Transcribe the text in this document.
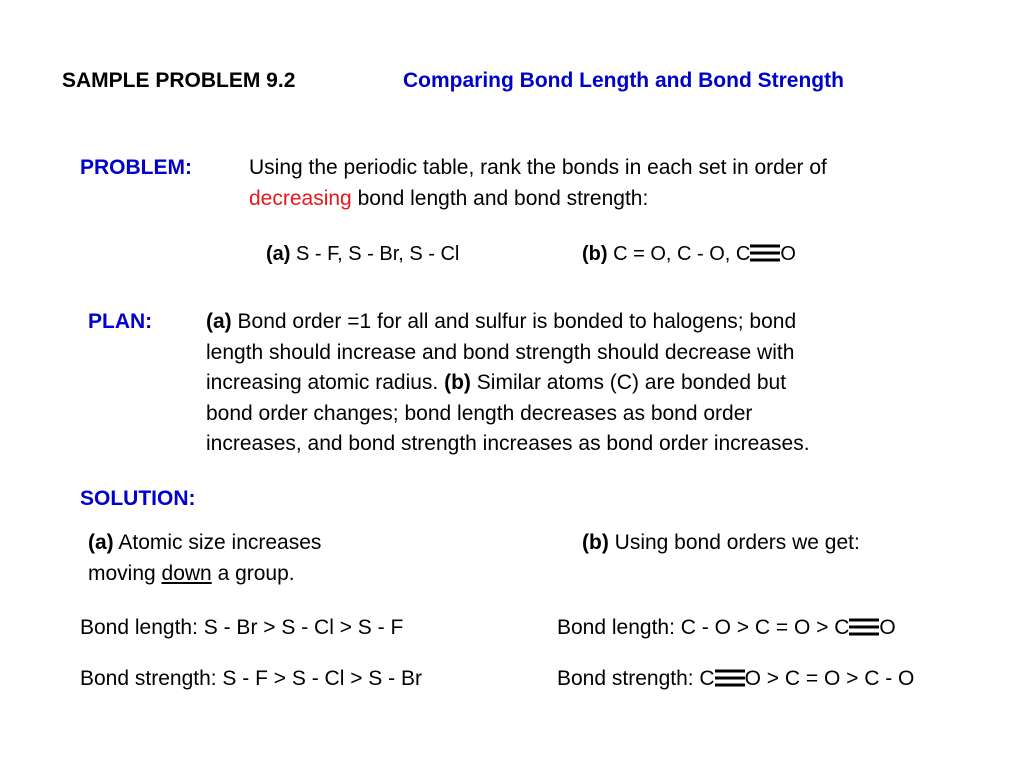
SAMPLE PROBLEM 9.2	Comparing Bond Length and Bond Strength
PROBLEM:	Using the periodic table, rank the bonds in each set in order of
decreasing bond length and bond strength:
(a) S - F, S - Br, S - Cl	(b) C = O, C - O, C O
PLAN:	(a) Bond order =1 for all and sulfur is bonded to halogens; bond
length should increase and bond strength should decrease with
increasing atomic radius. (b) Similar atoms (C) are bonded but
bond order changes; bond length decreases as bond order
increases, and bond strength increases as bond order increases.
SOLUTION:
(a) Atomic size increases
moving down a group.
(b) Using bond orders we get:
Bond length: S - Br > S - Cl > S - F
Bond strength: S - F > S - Cl > S - Br
Bond length: C - O > C = O > C O
Bond strength: C O > C = O > C - O
